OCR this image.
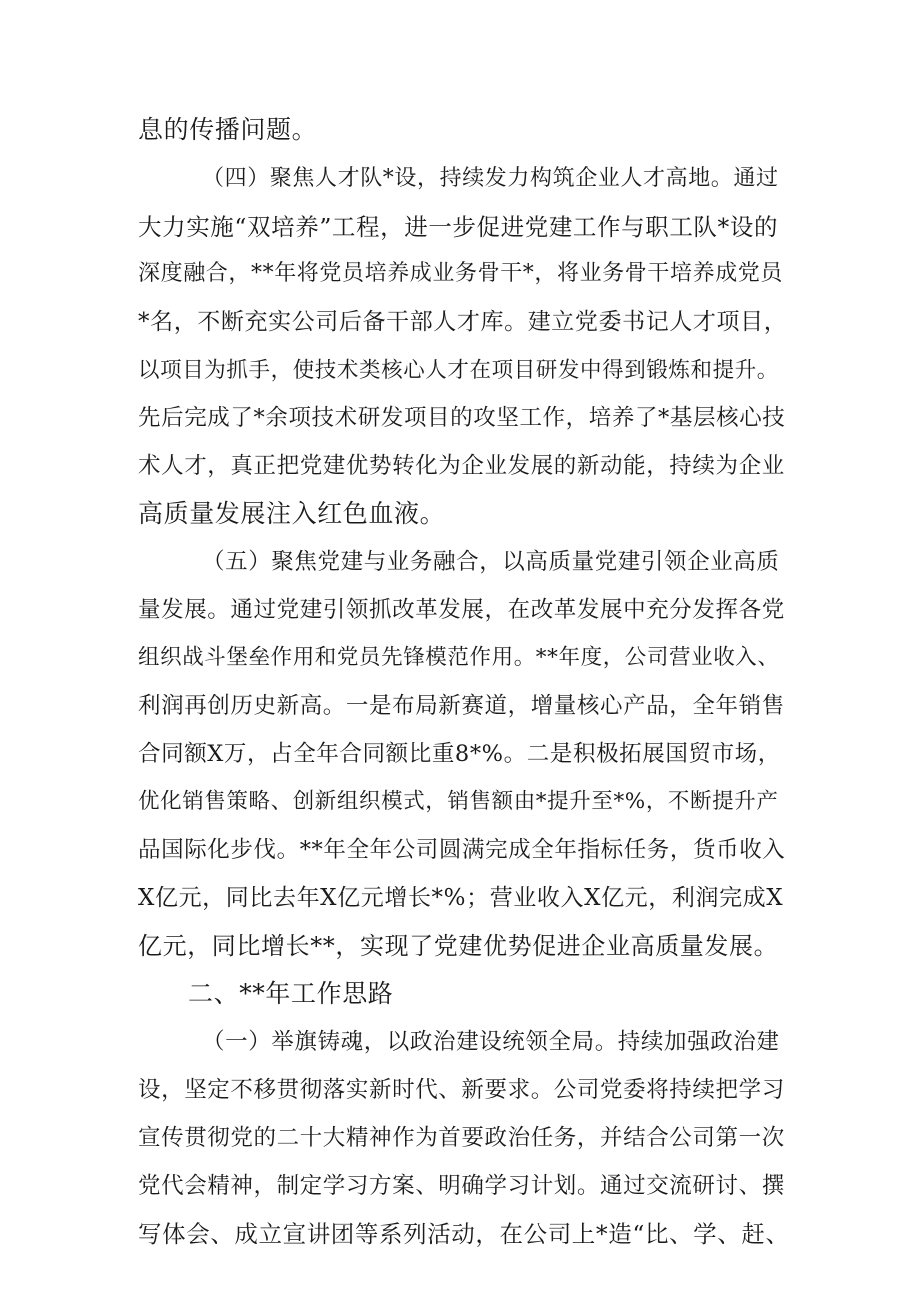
息的传播问题。
（四）聚焦人才队*设，持续发力构筑企业人才高地。通过
大力实施“双培养”工程，进一步促进党建工作与职工队*设的
深度融合，**年将党员培养成业务骨干*，将业务骨干培养成党员
*名，不断充实公司后备干部人才库。建立党委书记人才项目，
以项目为抓手，使技术类核心人才在项目研发中得到锻炼和提升。
先后完成了*余项技术研发项目的攻坚工作，培养了*基层核心技
术人才，真正把党建优势转化为企业发展的新动能，持续为企业
高质量发展注入红色血液。
（五）聚焦党建与业务融合，以高质量党建引领企业高质
量发展。通过党建引领抓改革发展，在改革发展中充分发挥各党
组织战斗堡垒作用和党员先锋模范作用。**年度，公司营业收入、
利润再创历史新高。一是布局新赛道，增量核心产品，全年销售
合同额X万，占全年合同额比重8*%。二是积极拓展国贸市场，
优化销售策略、创新组织模式，销售额由*提升至*%，不断提升产
品国际化步伐。**年全年公司圆满完成全年指标任务，货币收入
X亿元，同比去年X亿元增长*%；营业收入X亿元，利润完成X
亿元，同比增长**，实现了党建优势促进企业高质量发展。
二、**年工作思路
（一）举旗铸魂，以政治建设统领全局。持续加强政治建
设，坚定不移贯彻落实新时代、新要求。公司党委将持续把学习
宣传贯彻党的二十大精神作为首要政治任务，并结合公司第一次
党代会精神，制定学习方案、明确学习计划。通过交流研讨、撰
写体会、成立宣讲团等系列活动，在公司上*造“比、学、赶、
